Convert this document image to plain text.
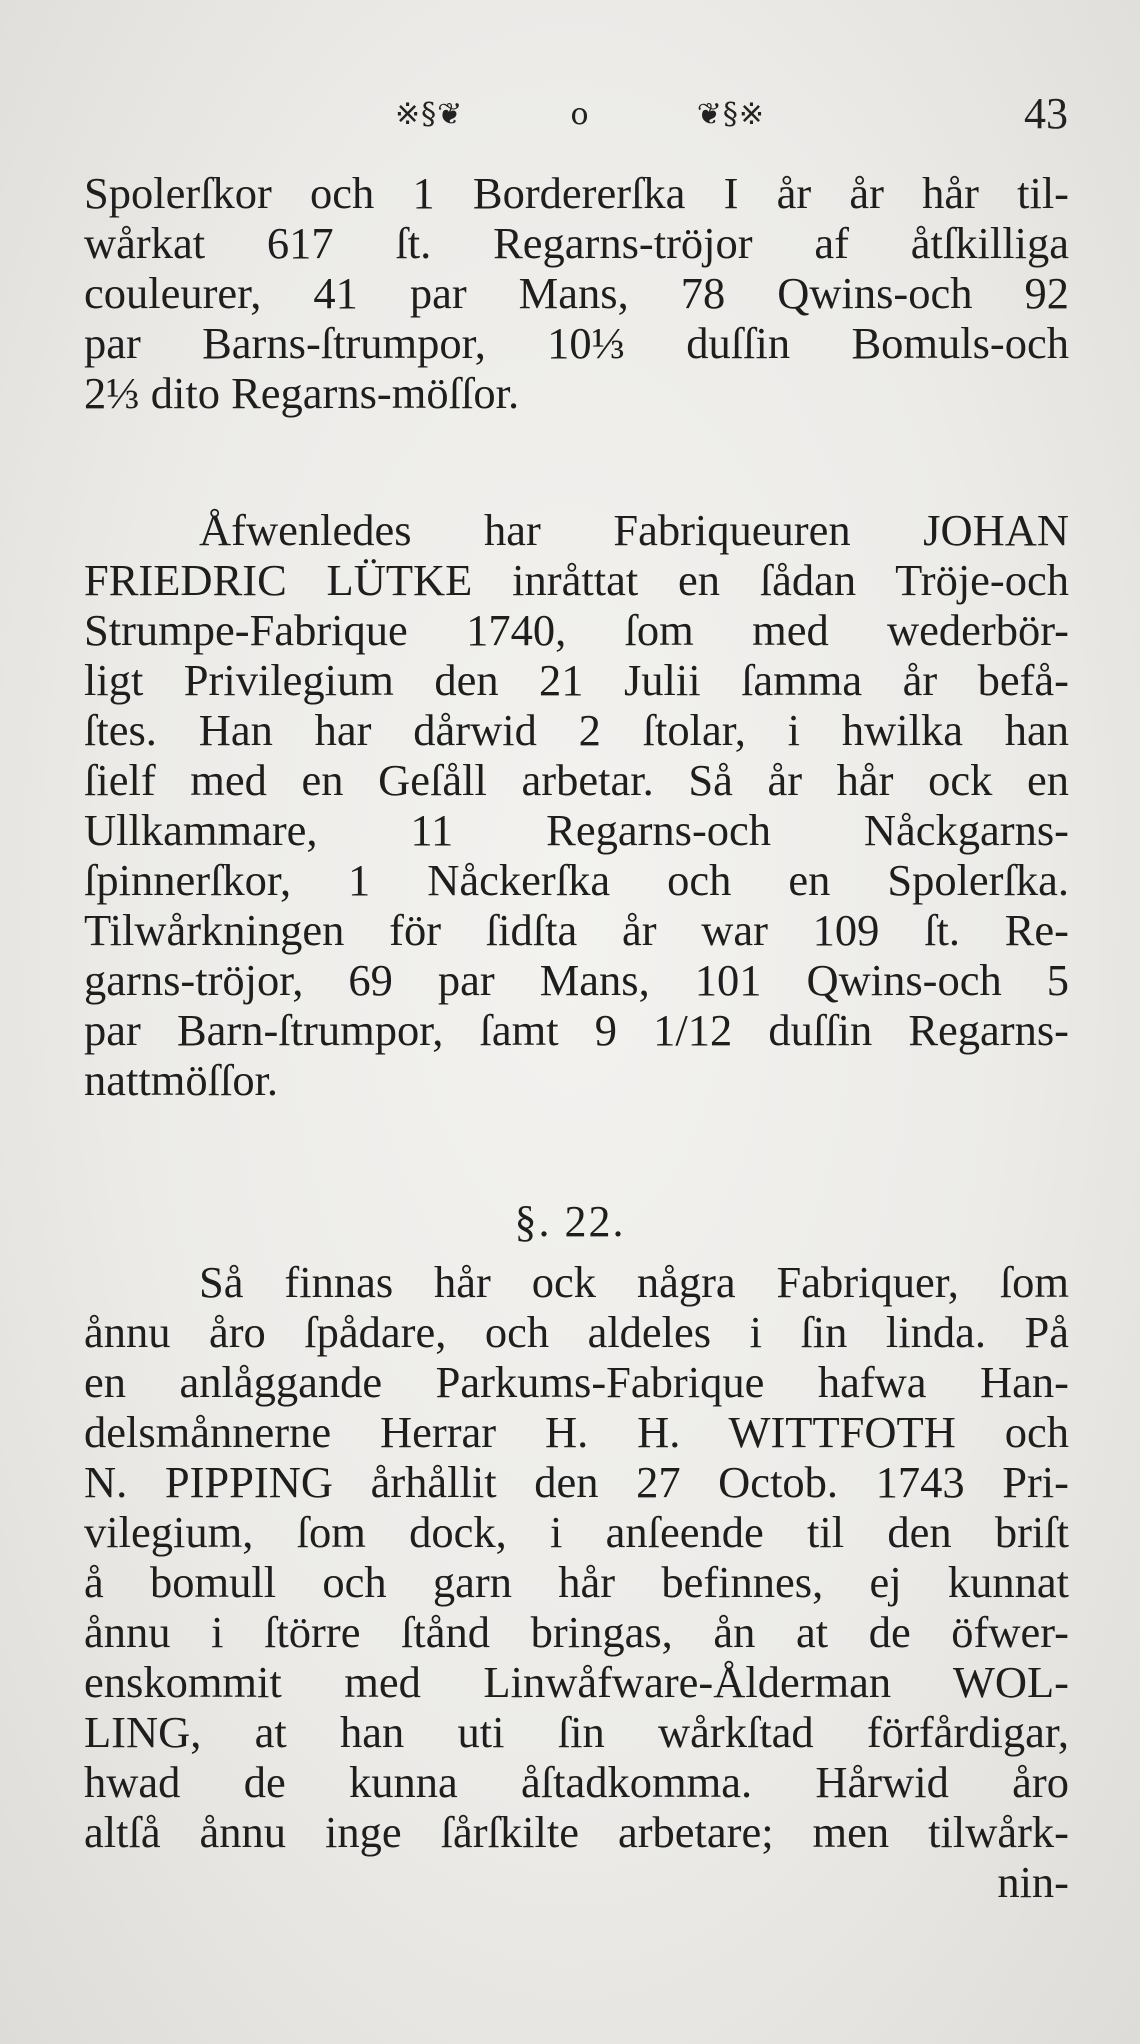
※§❦	o	❦§※	43
Spolerſkor och 1 Bordererſka I år år hår til-
wårkat 617 ſt. Regarns-tröjor af åtſkilliga
couleurer, 41 par Mans, 78 Qwins-och 92
par Barns-ſtrumpor, 10⅓ duſſin Bomuls-och
2⅓ dito Regarns-möſſor.
Åfwenledes har Fabriqueuren JOHAN
FRIEDRIC LÜTKE inråttat en ſådan Tröje-och
Strumpe-Fabrique 1740, ſom med wederbör-
ligt Privilegium den 21 Julii ſamma år befå-
ſtes. Han har dårwid 2 ſtolar, i hwilka han
ſielf med en Geſåll arbetar. Så år hår ock en
Ullkammare, 11 Regarns-och Nåckgarns-
ſpinnerſkor, 1 Nåckerſka och en Spolerſka.
Tilwårkningen för ſidſta år war 109 ſt. Re-
garns-tröjor, 69 par Mans, 101 Qwins-och 5
par Barn-ſtrumpor, ſamt 9 1/12 duſſin Regarns-
nattmöſſor.
§. 22.
Så finnas hår ock några Fabriquer, ſom
ånnu åro ſpådare, och aldeles i ſin linda. På
en anlåggande Parkums-Fabrique hafwa Han-
delsmånnerne Herrar H. H. WITTFOTH och
N. PIPPING århållit den 27 Octob. 1743 Pri-
vilegium, ſom dock, i anſeende til den briſt
å bomull och garn hår befinnes, ej kunnat
ånnu i ſtörre ſtånd bringas, ån at de öfwer-
enskommit med Linwåfware-Ålderman WOL-
LING, at han uti ſin wårkſtad förfårdigar,
hwad de kunna åſtadkomma. Hårwid åro
altſå ånnu inge ſårſkilte arbetare; men tilwårk-
nin-
